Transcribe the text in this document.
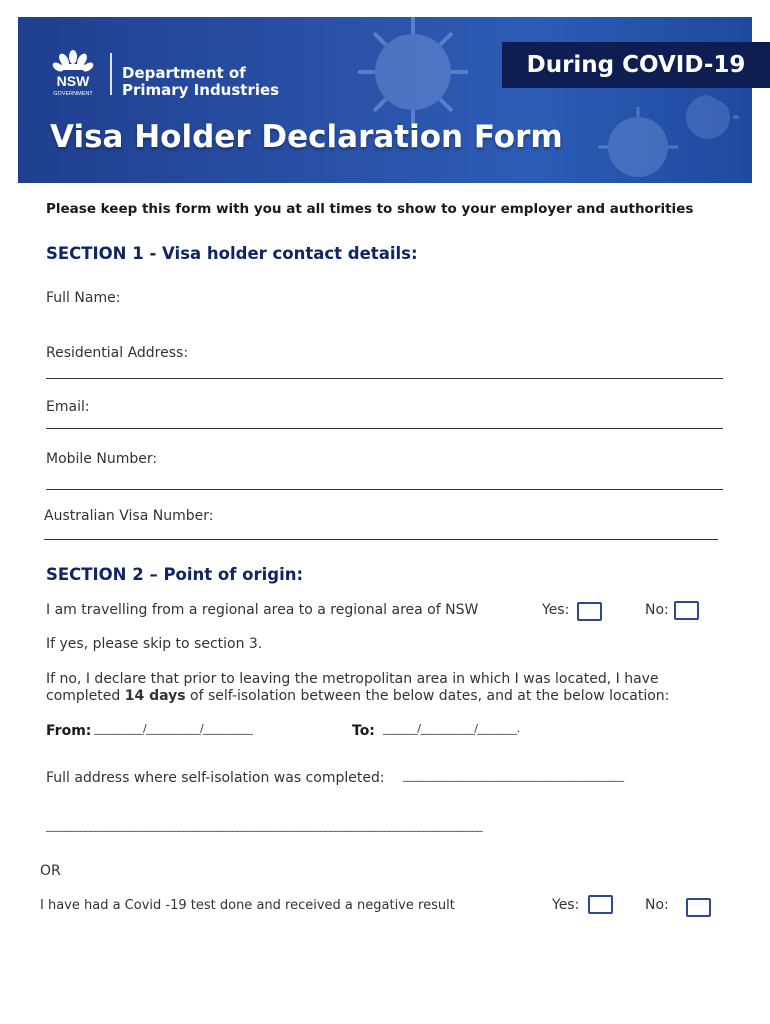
NSW
GOVERNMENT
Department of
Primary Industries
Visa Holder Declaration Form
During COVID-19
Please keep this form with you at all times to show to your employer and authorities
SECTION 1 - Visa holder contact details:
Full Name:
Residential Address:
Email:
Mobile Number:
Australian Visa Number:
SECTION 2 – Point of origin:
I am travelling from a regional area to a regional area of NSW	Yes:	No:
If yes, please skip to section 3.
If no, I declare that prior to leaving the metropolitan area in which I was located, I have
completed 14 days of self-isolation between the below dates, and at the below location:
From: __________/___________/__________	To: _______/___________/________.
Full address where self-isolation was completed: _____________________________________________
_________________________________________________________________________________________
OR
I have had a Covid -19 test done and received a negative result	Yes:	No:
